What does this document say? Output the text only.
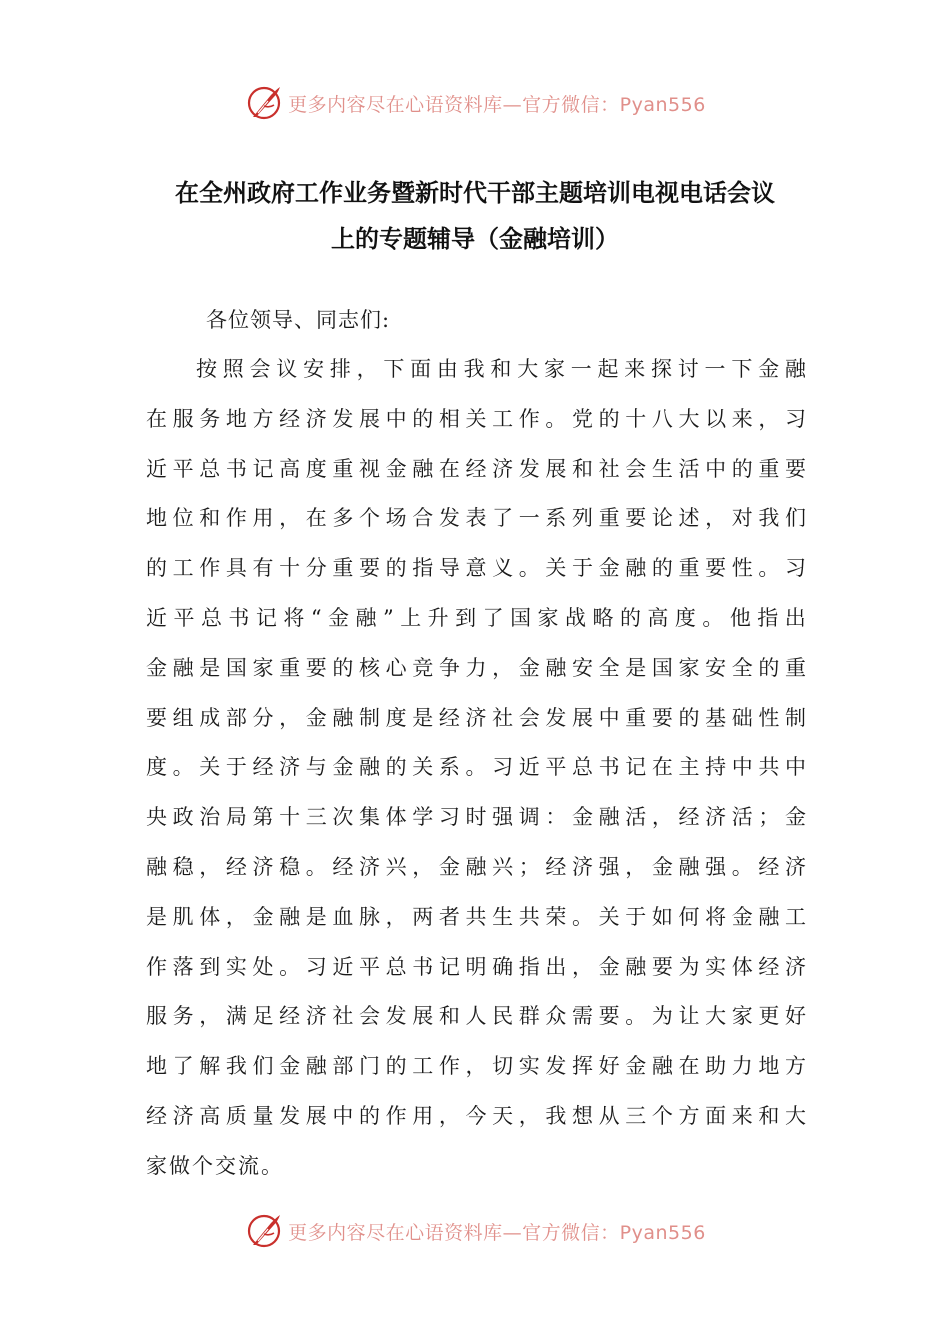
更多内容尽在心语资料库—官方微信：Pyan556
在全州政府工作业务暨新时代干部主题培训电视电话会议
上的专题辅导（金融培训）
各位领导、同志们:
按 照 会 议 安 排 ， 下 面 由 我 和 大 家 一 起 来 探 讨 一 下 金 融
在 服 务 地 方 经 济 发 展 中 的 相 关 工 作 。 党 的 十 八 大 以 来 ， 习
近 平 总 书 记 高 度 重 视 金 融 在 经 济 发 展 和 社 会 生 活 中 的 重 要
地 位 和 作 用 ， 在 多 个 场 合 发 表 了 一 系 列 重 要 论 述 ， 对 我 们
的 工 作 具 有 十 分 重 要 的 指 导 意 义 。 关 于 金 融 的 重 要 性 。 习
近 平 总 书 记 将 “ 金 融 ” 上 升 到 了 国 家 战 略 的 高 度 。 他 指 出
金 融 是 国 家 重 要 的 核 心 竞 争 力 ， 金 融 安 全 是 国 家 安 全 的 重
要 组 成 部 分 ， 金 融 制 度 是 经 济 社 会 发 展 中 重 要 的 基 础 性 制
度 。 关 于 经 济 与 金 融 的 关 系 。 习 近 平 总 书 记 在 主 持 中 共 中
央 政 治 局 第 十 三 次 集 体 学 习 时 强 调 ： 金 融 活 ， 经 济 活 ； 金
融 稳 ， 经 济 稳 。 经 济 兴 ， 金 融 兴 ； 经 济 强 ， 金 融 强 。 经 济
是 肌 体 ， 金 融 是 血 脉 ， 两 者 共 生 共 荣 。 关 于 如 何 将 金 融 工
作 落 到 实 处 。 习 近 平 总 书 记 明 确 指 出 ， 金 融 要 为 实 体 经 济
服 务 ， 满 足 经 济 社 会 发 展 和 人 民 群 众 需 要 。 为 让 大 家 更 好
地 了 解 我 们 金 融 部 门 的 工 作 ， 切 实 发 挥 好 金 融 在 助 力 地 方
经 济 高 质 量 发 展 中 的 作 用 ， 今 天 ， 我 想 从 三 个 方 面 来 和 大
家做个交流。
更多内容尽在心语资料库—官方微信：Pyan556
